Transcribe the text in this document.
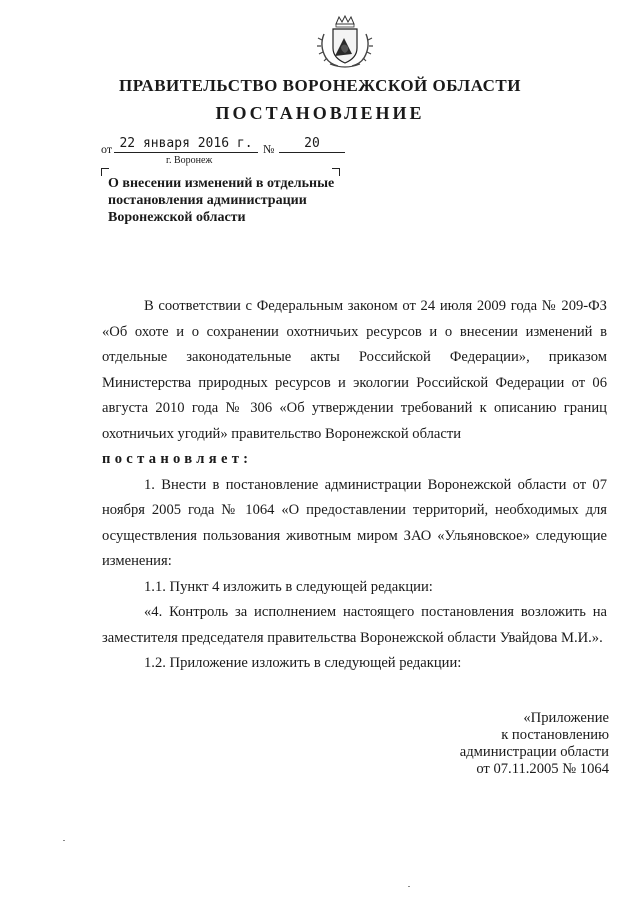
ПРАВИТЕЛЬСТВО ВОРОНЕЖСКОЙ ОБЛАСТИ
ПОСТАНОВЛЕНИЕ
от 22 января 2016 г. №	20
г. Воронеж
О внесении изменений в отдельные постановления администрации Воронежской области

В соответствии с Федеральным законом от 24 июля 2009 года № 209-ФЗ «Об охоте и о сохранении охотничьих ресурсов и о внесении изменений в отдельные законодательные акты Российской Федерации», приказом Министерства природных ресурсов и экологии Российской Федерации от 06 августа 2010 года № 306 «Об утверждении требований к описанию границ охотничьих угодий» правительство Воронежской области

постановляет:

1. Внести в постановление администрации Воронежской области от 07 ноября 2005 года № 1064 «О предоставлении территорий, необходимых для осуществления пользования животным миром ЗАО «Ульяновское» следующие изменения:

1.1. Пункт 4 изложить в следующей редакции:

«4. Контроль за исполнением настоящего постановления возложить на заместителя председателя правительства Воронежской области Увайдова М.И.».

1.2. Приложение изложить в следующей редакции:

«Приложение
к постановлению
администрации области
от 07.11.2005 № 1064
